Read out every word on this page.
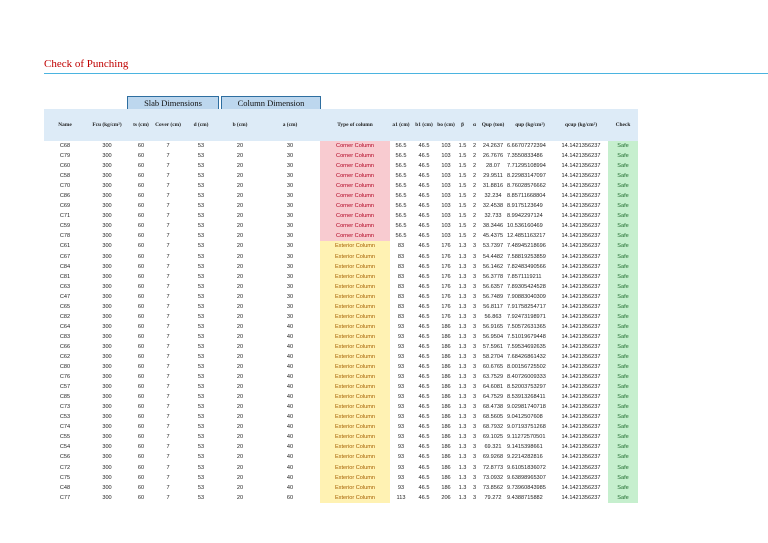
Check of Punching
Slab Dimensions	Column Dimension
Name	Fcu (kg/cm²)	ts (cm)	Cover (cm)	d (cm)	b (cm)	a (cm)	Type of column	a1 (cm)	b1 (cm)	bo (cm)	β	α	Qup (ton)	qup (kg/cm²)	qcup (kg/cm²)	Check
C68	300	60	7	53	20	30	Corner Column	56.5	46.5	103	1.5	2	24.2637	6.66707272394	14.1421356237	Safe
C79	300	60	7	53	20	30	Corner Column	56.5	46.5	103	1.5	2	26.7676	7.3550833486	14.1421356237	Safe
C60	300	60	7	53	20	30	Corner Column	56.5	46.5	103	1.5	2	28.07	7.71295108994	14.1421356237	Safe
C58	300	60	7	53	20	30	Corner Column	56.5	46.5	103	1.5	2	29.9511	8.22983147097	14.1421356237	Safe
C70	300	60	7	53	20	30	Corner Column	56.5	46.5	103	1.5	2	31.8816	8.76028576662	14.1421356237	Safe
C86	300	60	7	53	20	30	Corner Column	56.5	46.5	103	1.5	2	32.234	8.85711668804	14.1421356237	Safe
C69	300	60	7	53	20	30	Corner Column	56.5	46.5	103	1.5	2	32.4538	8.9175123649	14.1421356237	Safe
C71	300	60	7	53	20	30	Corner Column	56.5	46.5	103	1.5	2	32.733	8.9942297124	14.1421356237	Safe
C59	300	60	7	53	20	30	Corner Column	56.5	46.5	103	1.5	2	38.3446	10.536160469	14.1421356237	Safe
C78	300	60	7	53	20	30	Corner Column	56.5	46.5	103	1.5	2	45.4375	12.4851163217	14.1421356237	Safe
C61	300	60	7	53	20	30	Exterior Column	83	46.5	176	1.3	3	53.7397	7.48945218696	14.1421356237	Safe
C67	300	60	7	53	20	30	Exterior Column	83	46.5	176	1.3	3	54.4482	7.58819253859	14.1421356237	Safe
C84	300	60	7	53	20	30	Exterior Column	83	46.5	176	1.3	3	56.1462	7.82483490566	14.1421356237	Safe
C81	300	60	7	53	20	30	Exterior Column	83	46.5	176	1.3	3	56.3778	7.8571119211	14.1421356237	Safe
C63	300	60	7	53	20	30	Exterior Column	83	46.5	176	1.3	3	56.6357	7.89305424528	14.1421356237	Safe
C47	300	60	7	53	20	30	Exterior Column	83	46.5	176	1.3	3	56.7489	7.90883040309	14.1421356237	Safe
C65	300	60	7	53	20	30	Exterior Column	83	46.5	176	1.3	3	56.8117	7.91758254717	14.1421356237	Safe
C82	300	60	7	53	20	30	Exterior Column	83	46.5	176	1.3	3	56.863	7.92473198971	14.1421356237	Safe
C64	300	60	7	53	20	40	Exterior Column	93	46.5	186	1.3	3	56.9165	7.50572631365	14.1421356237	Safe
C83	300	60	7	53	20	40	Exterior Column	93	46.5	186	1.3	3	56.9504	7.51019679448	14.1421356237	Safe
C66	300	60	7	53	20	40	Exterior Column	93	46.5	186	1.3	3	57.5961	7.59534692635	14.1421356237	Safe
C62	300	60	7	53	20	40	Exterior Column	93	46.5	186	1.3	3	58.2704	7.68426861432	14.1421356237	Safe
C80	300	60	7	53	20	40	Exterior Column	93	46.5	186	1.3	3	60.6765	8.00156725502	14.1421356237	Safe
C76	300	60	7	53	20	40	Exterior Column	93	46.5	186	1.3	3	63.7529	8.40726009333	14.1421356237	Safe
C57	300	60	7	53	20	40	Exterior Column	93	46.5	186	1.3	3	64.6081	8.52003753297	14.1421356237	Safe
C85	300	60	7	53	20	40	Exterior Column	93	46.5	186	1.3	3	64.7529	8.53913268411	14.1421356237	Safe
C73	300	60	7	53	20	40	Exterior Column	93	46.5	186	1.3	3	68.4738	9.02981740718	14.1421356237	Safe
C53	300	60	7	53	20	40	Exterior Column	93	46.5	186	1.3	3	68.5605	9.0412507608	14.1421356237	Safe
C74	300	60	7	53	20	40	Exterior Column	93	46.5	186	1.3	3	68.7932	9.07193751268	14.1421356237	Safe
C55	300	60	7	53	20	40	Exterior Column	93	46.5	186	1.3	3	69.1025	9.11272570501	14.1421356237	Safe
C54	300	60	7	53	20	40	Exterior Column	93	46.5	186	1.3	3	69.321	9.1415398661	14.1421356237	Safe
C56	300	60	7	53	20	40	Exterior Column	93	46.5	186	1.3	3	69.9268	9.2214282816	14.1421356237	Safe
C72	300	60	7	53	20	40	Exterior Column	93	46.5	186	1.3	3	72.8773	9.61051836072	14.1421356237	Safe
C75	300	60	7	53	20	40	Exterior Column	93	46.5	186	1.3	3	73.0932	9.63898965307	14.1421356237	Safe
C48	300	60	7	53	20	40	Exterior Column	93	46.5	186	1.3	3	73.8562	9.73960843985	14.1421356237	Safe
C77	300	60	7	53	20	60	Exterior Column	113	46.5	206	1.3	3	79.272	9.4388715882	14.1421356237	Safe
